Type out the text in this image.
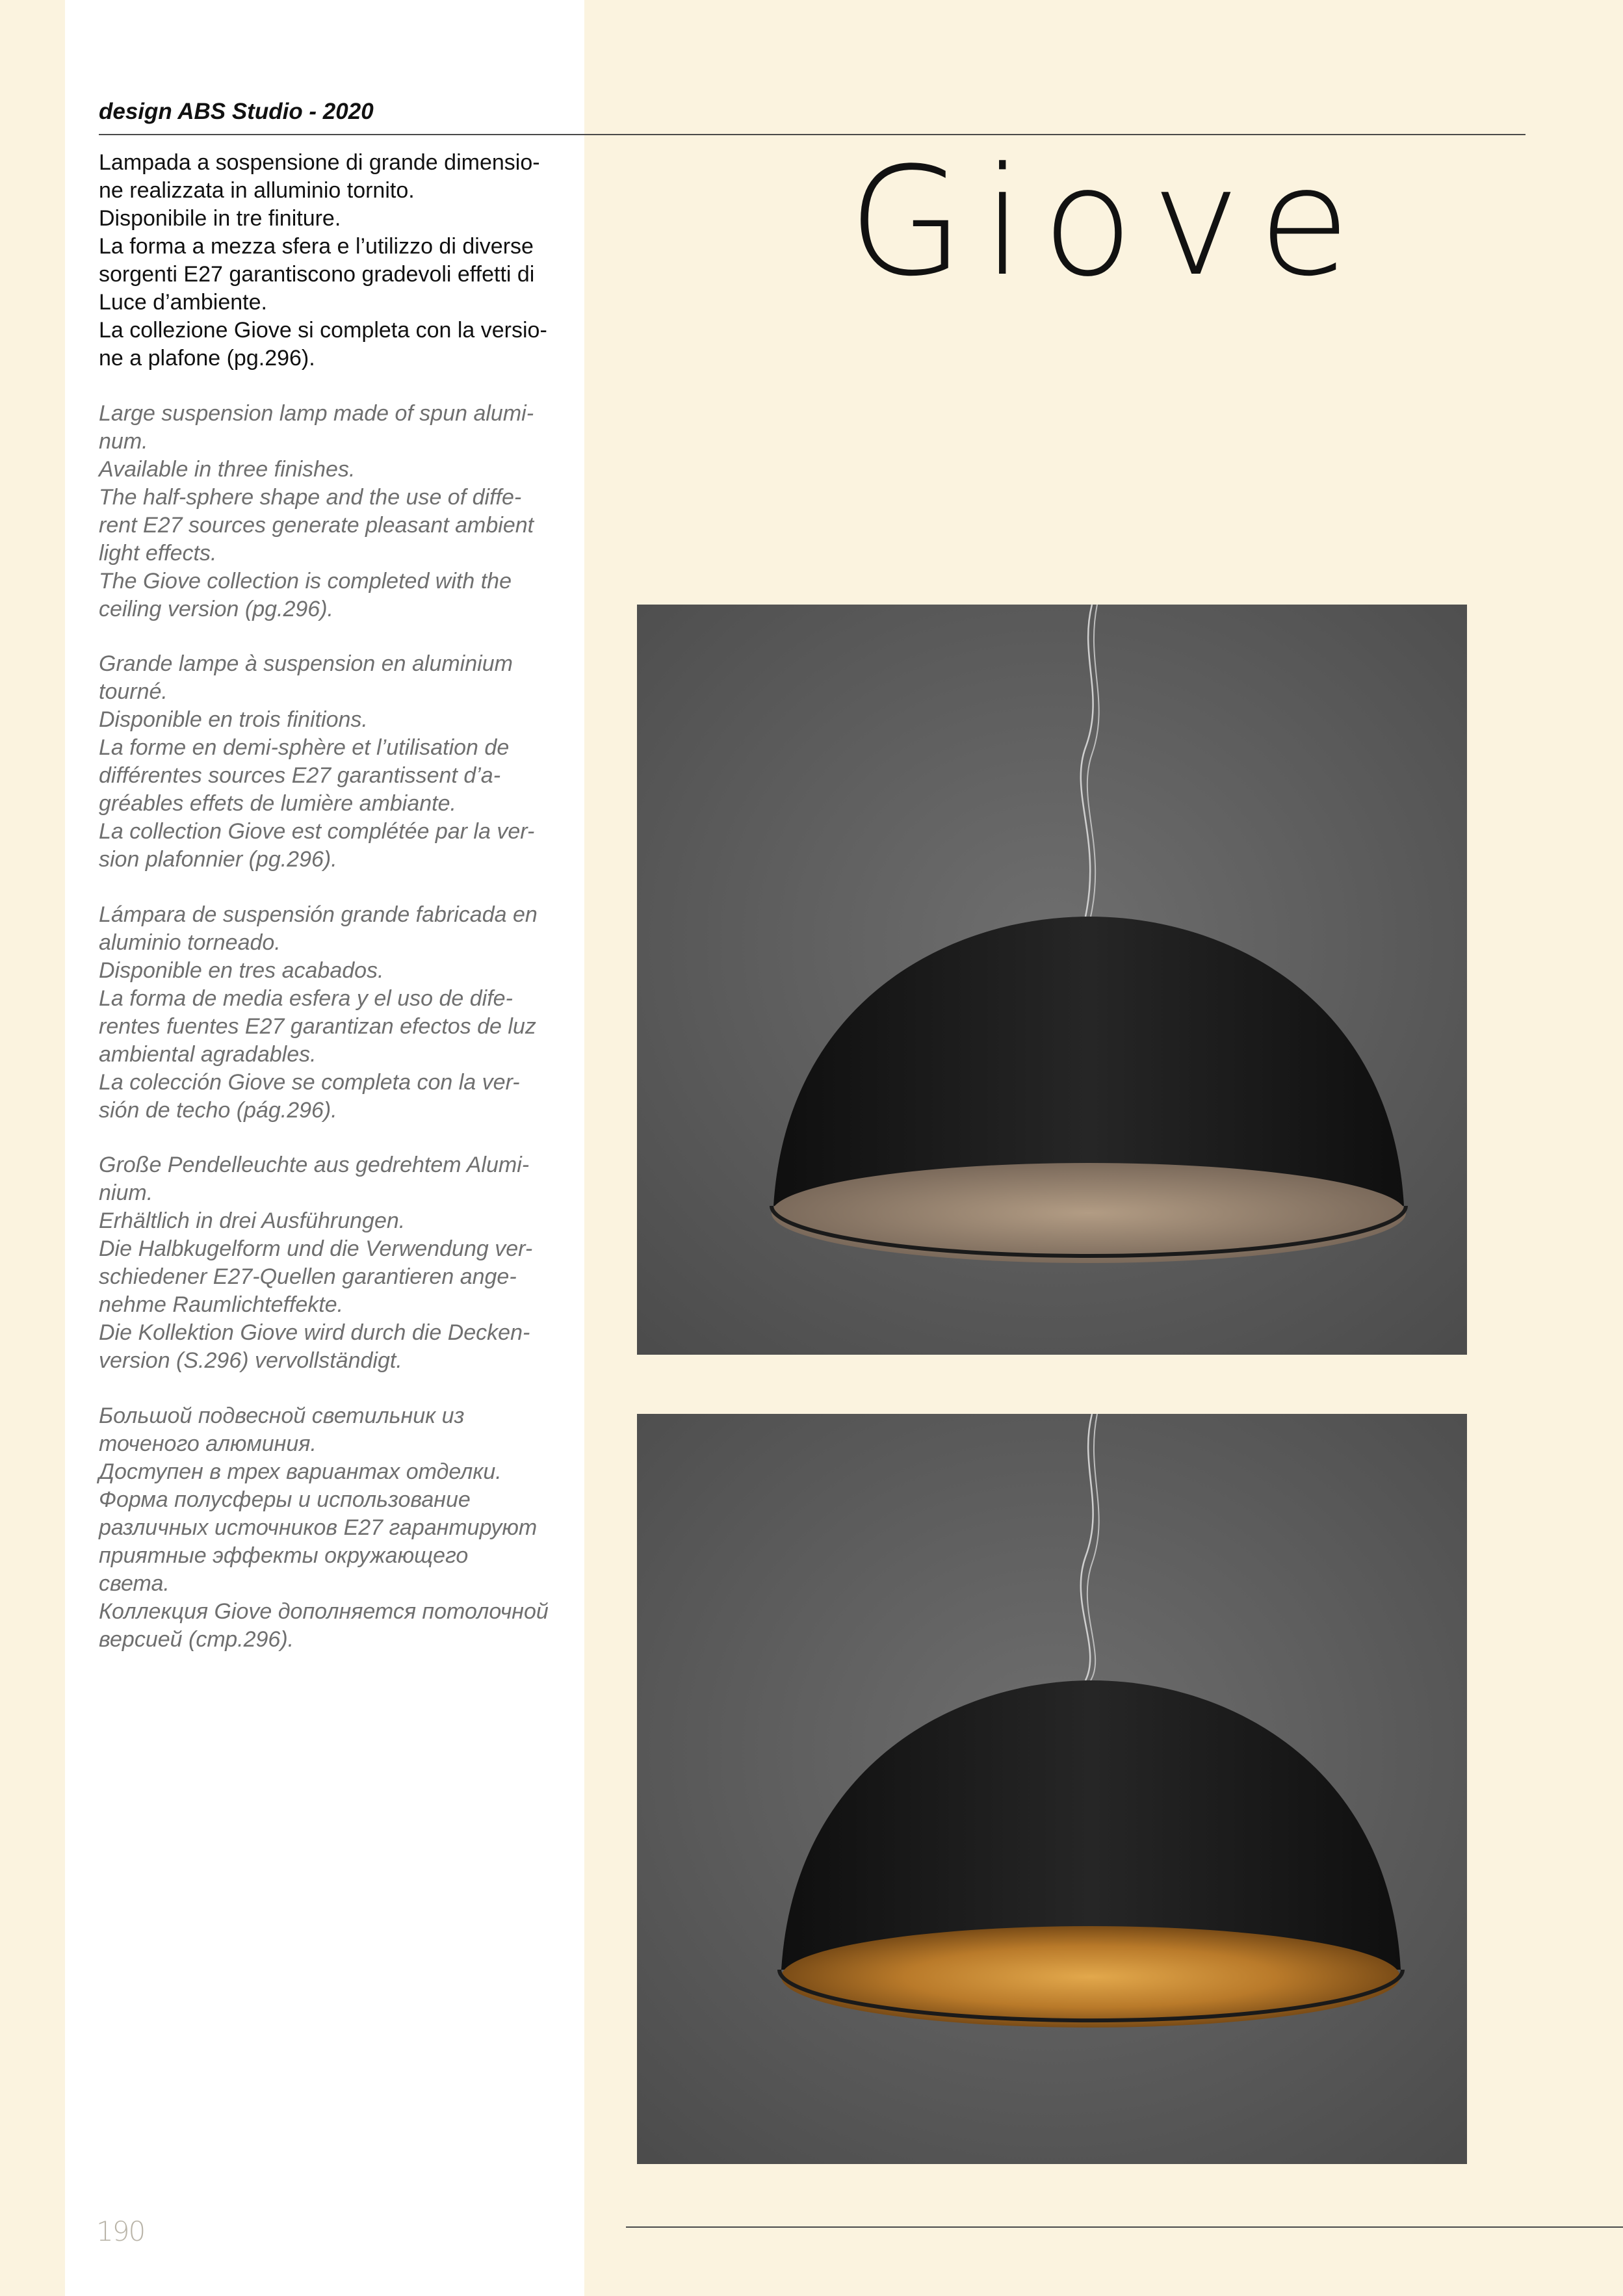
design ABS Studio - 2020

Lampada a sospensione di grande dimensio-
ne realizzata in alluminio tornito.
Disponibile in tre finiture.
La forma a mezza sfera e l’utilizzo di diverse
sorgenti E27 garantiscono gradevoli effetti di
Luce d’ambiente.
La collezione Giove si completa con la versio-
ne a plafone (pg.296).
Large suspension lamp made of spun alumi-
num.
Available in three finishes.
The half-sphere shape and the use of diffe-
rent E27 sources generate pleasant ambient
light effects.
The Giove collection is completed with the
ceiling version (pg.296).
Grande lampe à suspension en aluminium
tourné.
Disponible en trois finitions.
La forme en demi-sphère et l’utilisation de
différentes sources E27 garantissent d’a-
gréables effets de lumière ambiante.
La collection Giove est complétée par la ver-
sion plafonnier (pg.296).
Lámpara de suspensión grande fabricada en
aluminio torneado.
Disponible en tres acabados.
La forma de media esfera y el uso de dife-
rentes fuentes E27 garantizan efectos de luz
ambiental agradables.
La colección Giove se completa con la ver-
sión de techo (pág.296).
Große Pendelleuchte aus gedrehtem Alumi-
nium.
Erhältlich in drei Ausführungen.
Die Halbkugelform und die Verwendung ver-
schiedener E27-Quellen garantieren ange-
nehme Raumlichteffekte.
Die Kollektion Giove wird durch die Decken-
version (S.296) vervollständigt.
Большой подвесной светильник из
точеного алюминия.
Доступен в трех вариантах отделки.
Форма полусферы и использование
различных источников E27 гарантируют
приятные эффекты окружающего
света.
Коллекция Giove дополняется потолочной
версией (стр.296).
Giove

190
